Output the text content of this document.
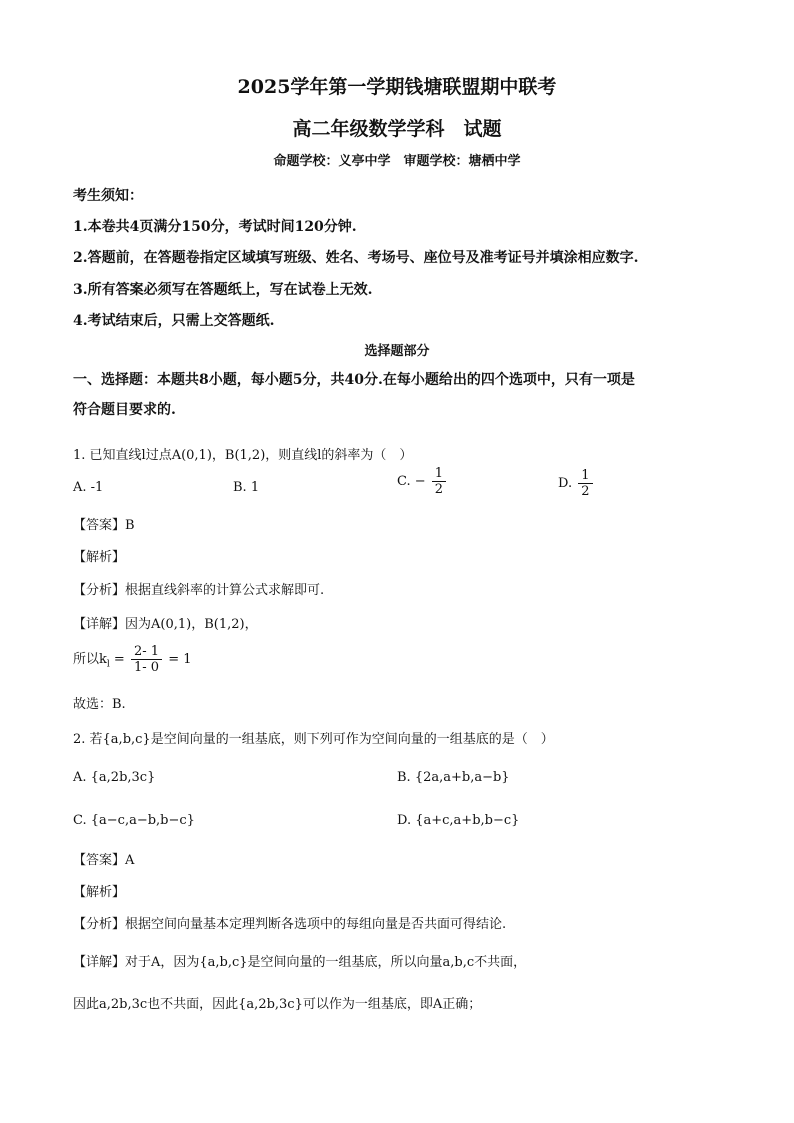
2025学年第一学期钱塘联盟期中联考
高二年级数学学科　试题
命题学校：义亭中学　审题学校：塘栖中学
考生须知：
1.本卷共4页满分150分，考试时间120分钟.
2.答题前，在答题卷指定区域填写班级、姓名、考场号、座位号及准考证号并填涂相应数字.
3.所有答案必须写在答题纸上，写在试卷上无效.
4.考试结束后，只需上交答题纸.
选择题部分
一、选择题：本题共8小题，每小题5分，共40分.在每小题给出的四个选项中，只有一项是
符合题目要求的.
1. 已知直线l过点A(0,1)，B(1,2)，则直线l的斜率为（　）
A. -1	B. 1	C. − $\frac{1}{2}$	D. $\frac{1}{2}$
【答案】B
【解析】
【分析】根据直线斜率的计算公式求解即可.
【详解】因为A(0,1)，B(1,2)，
所以$k_l = \frac{2- 1}{1- 0} = 1$
故选：B.
2. 若{a,b,c}是空间向量的一组基底，则下列可作为空间向量的一组基底的是（　）
A. {a,2b,3c}	B. {2a,a+b,a−b}
C. {a−c,a−b,b−c}	D. {a+c,a+b,b−c}
【答案】A
【解析】
【分析】根据空间向量基本定理判断各选项中的每组向量是否共面可得结论.
【详解】对于A，因为{a,b,c}是空间向量的一组基底，所以向量a,b,c不共面，
因此a,2b,3c也不共面，因此{a,2b,3c}可以作为一组基底，即A正确；
